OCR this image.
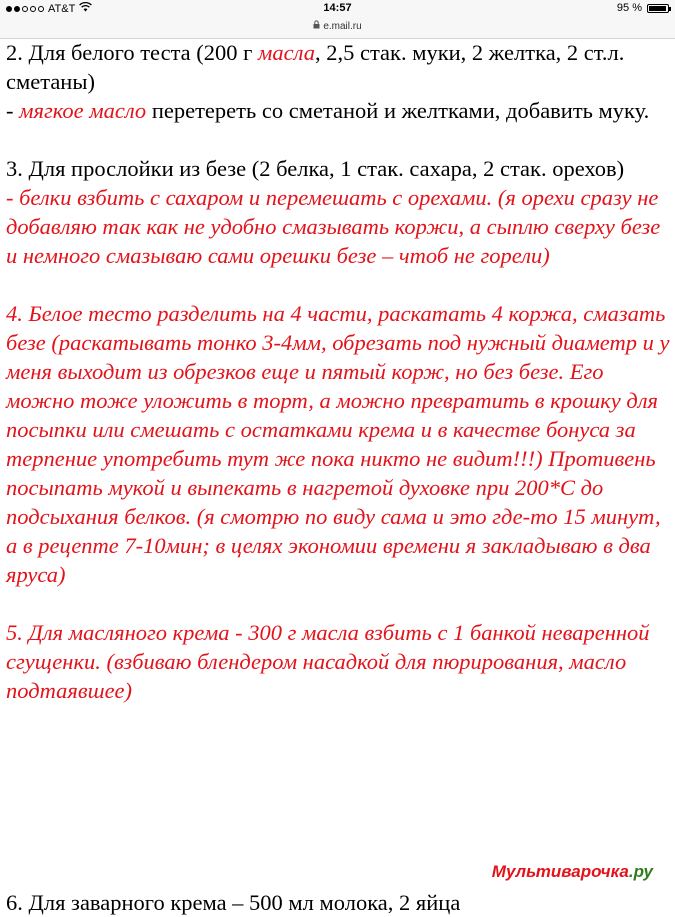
AT&T	14:57
e.mail.ru
95 %

2. Для белого теста (200 г масла, 2,5 стак. муки, 2 желтка, 2 ст.л. сметаны)

- мягкое масло перетереть со сметаной и желтками, добавить муку.

3. Для прослойки из безе (2 белка, 1 стак. сахара, 2 стак. орехов)

- белки взбить с сахаром и перемешать с орехами. (я орехи сразу не добавляю так как не удобно смазывать коржи, а сыплю сверху безе и немного смазываю сами орешки безе – чтоб не горели)

4. Белое тесто разделить на 4 части, раскатать 4 коржа, смазать безе (раскатывать тонко 3-4мм, обрезать под нужный диаметр и у меня выходит из обрезков еще и пятый корж, но без безе. Его можно тоже уложить в торт, а можно превратить в крошку для посыпки или смешать с остатками крема и в качестве бонуса за терпение употребить тут же пока никто не видит!!!) Противень посыпать мукой и выпекать в нагретой духовке при 200*С до подсыхания белков. (я смотрю по виду сама и это где-то 15 минут, а в рецепте 7-10мин; в целях экономии времени я закладываю в два яруса)

5. Для масляного крема - 300 г масла взбить с 1 банкой неваренной сгущенки. (взбиваю блендером насадкой для пюрирования, масло подтаявшее)

6. Для заварного крема – 500 мл молока, 2 яйца
Мультиварочка.ру
